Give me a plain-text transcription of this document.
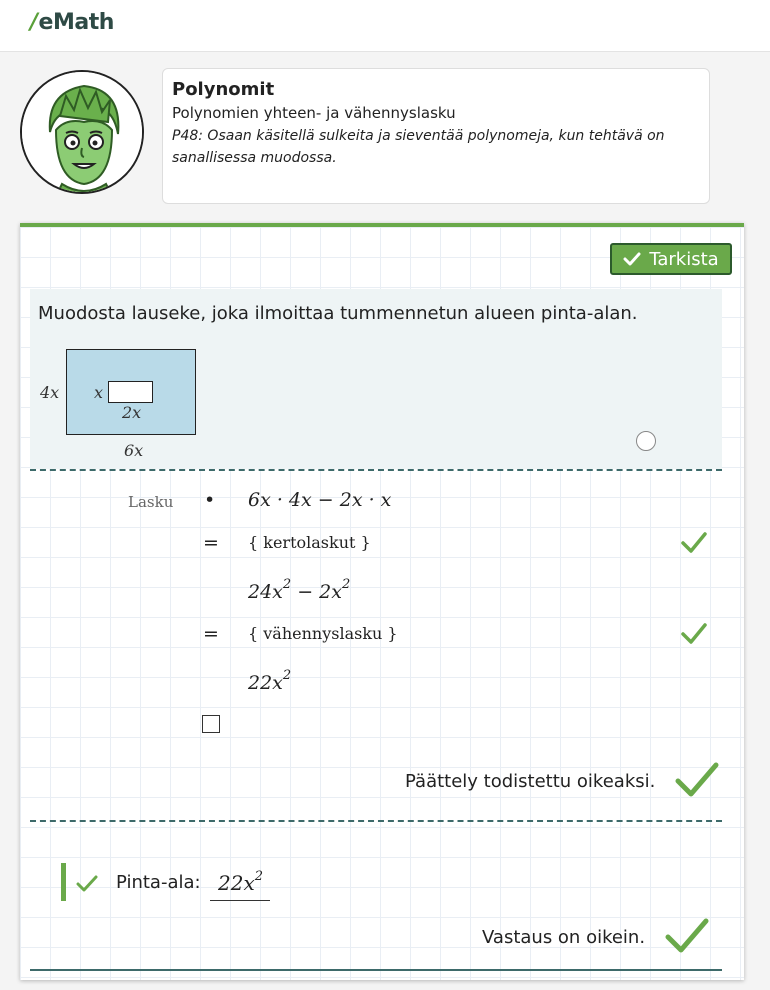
/eMath

Polynomit

Polynomien yhteen- ja vähennyslasku

P48: Osaan käsitellä sulkeita ja sieventää polynomeja, kun tehtävä on sanallisessa muodossa.

Tarkista

Muodosta lauseke, joka ilmoittaa tummennetun alueen pinta-alan.

4x
6x
x
2x
Lasku • 6x · 4x − 2x · x
= { kertolaskut }
$24x^2 - 2x^2$
= { vähennyslasku }
$22x^2$
Päättely todistettu oikeaksi.
Pinta-ala: $22x^2$
Vastaus on oikein.
